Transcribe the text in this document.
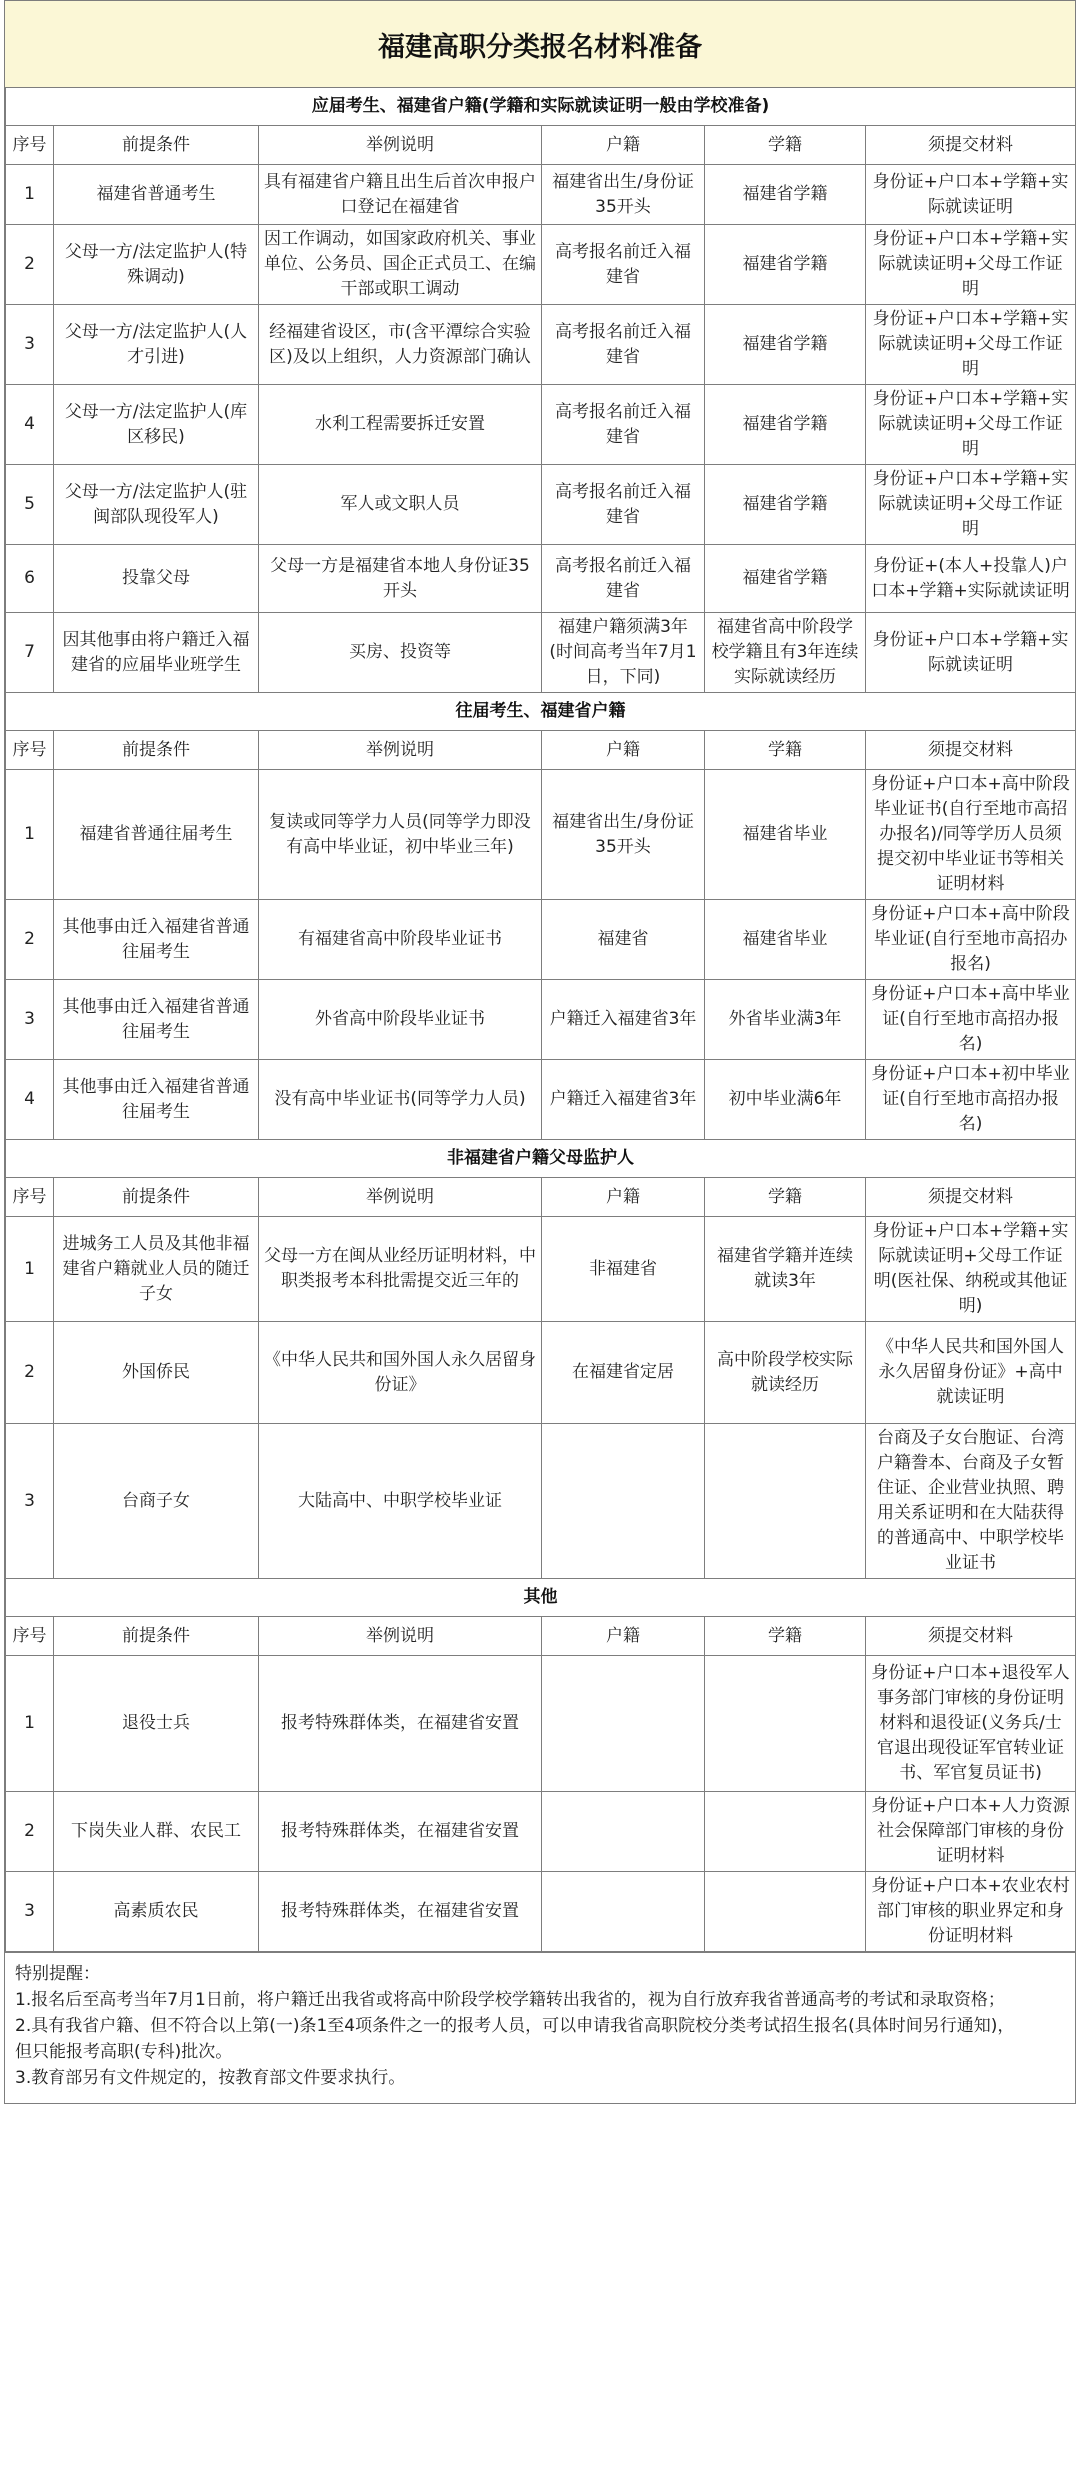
福建高职分类报名材料准备
应届考生、福建省户籍(学籍和实际就读证明一般由学校准备)					
序号	前提条件	举例说明	户籍	学籍	须提交材料
1	福建省普通考生	具有福建省户籍且出生后首次申报户口登记在福建省	福建省出生/身份证35开头	福建省学籍	身份证+户口本+学籍+实际就读证明
2	父母一方/法定监护人(特殊调动)	因工作调动，如国家政府机关、事业单位、公务员、国企正式员工、在编干部或职工调动	高考报名前迁入福建省	福建省学籍	身份证+户口本+学籍+实际就读证明+父母工作证明
3	父母一方/法定监护人(人才引进)	经福建省设区，市(含平潭综合实验区)及以上组织，人力资源部门确认	高考报名前迁入福建省	福建省学籍	身份证+户口本+学籍+实际就读证明+父母工作证明
4	父母一方/法定监护人(库区移民)	水利工程需要拆迁安置	高考报名前迁入福建省	福建省学籍	身份证+户口本+学籍+实际就读证明+父母工作证明
5	父母一方/法定监护人(驻闽部队现役军人)	军人或文职人员	高考报名前迁入福建省	福建省学籍	身份证+户口本+学籍+实际就读证明+父母工作证明
6	投靠父母	父母一方是福建省本地人身份证35开头	高考报名前迁入福建省	福建省学籍	身份证+(本人+投靠人)户口本+学籍+实际就读证明
7	因其他事由将户籍迁入福建省的应届毕业班学生	买房、投资等	福建户籍须满3年(时间高考当年7月1日，下同)	福建省高中阶段学校学籍且有3年连续实际就读经历	身份证+户口本+学籍+实际就读证明
往届考生、福建省户籍					
序号	前提条件	举例说明	户籍	学籍	须提交材料
1	福建省普通往届考生	复读或同等学力人员(同等学力即没有高中毕业证，初中毕业三年)	福建省出生/身份证35开头	福建省毕业	身份证+户口本+高中阶段毕业证书(自行至地市高招办报名)/同等学历人员须提交初中毕业证书等相关证明材料
2	其他事由迁入福建省普通往届考生	有福建省高中阶段毕业证书	福建省	福建省毕业	身份证+户口本+高中阶段毕业证(自行至地市高招办报名)
3	其他事由迁入福建省普通往届考生	外省高中阶段毕业证书	户籍迁入福建省3年	外省毕业满3年	身份证+户口本+高中毕业证(自行至地市高招办报名)
4	其他事由迁入福建省普通往届考生	没有高中毕业证书(同等学力人员)	户籍迁入福建省3年	初中毕业满6年	身份证+户口本+初中毕业证(自行至地市高招办报名)
非福建省户籍父母监护人					
序号	前提条件	举例说明	户籍	学籍	须提交材料
1	进城务工人员及其他非福建省户籍就业人员的随迁子女	父母一方在闽从业经历证明材料，中职类报考本科批需提交近三年的	非福建省	福建省学籍并连续就读3年	身份证+户口本+学籍+实际就读证明+父母工作证明(医社保、纳税或其他证明)
2	外国侨民	《中华人民共和国外国人永久居留身份证》	在福建省定居	高中阶段学校实际就读经历	《中华人民共和国外国人永久居留身份证》+高中就读证明
3	台商子女	大陆高中、中职学校毕业证			台商及子女台胞证、台湾户籍誊本、台商及子女暂住证、企业营业执照、聘用关系证明和在大陆获得的普通高中、中职学校毕业证书
其他					
序号	前提条件	举例说明	户籍	学籍	须提交材料
1	退役士兵	报考特殊群体类，在福建省安置			身份证+户口本+退役军人事务部门审核的身份证明材料和退役证(义务兵/士官退出现役证军官转业证书、军官复员证书)
2	下岗失业人群、农民工	报考特殊群体类，在福建省安置			身份证+户口本+人力资源社会保障部门审核的身份证明材料
3	高素质农民	报考特殊群体类，在福建省安置			身份证+户口本+农业农村部门审核的职业界定和身份证明材料
特别提醒：
1.报名后至高考当年7月1日前，将户籍迁出我省或将高中阶段学校学籍转出我省的，视为自行放弃我省普通高考的考试和录取资格；
2.具有我省户籍、但不符合以上第(一)条1至4项条件之一的报考人员，可以申请我省高职院校分类考试招生报名(具体时间另行通知)，
但只能报考高职(专科)批次。
3.教育部另有文件规定的，按教育部文件要求执行。
